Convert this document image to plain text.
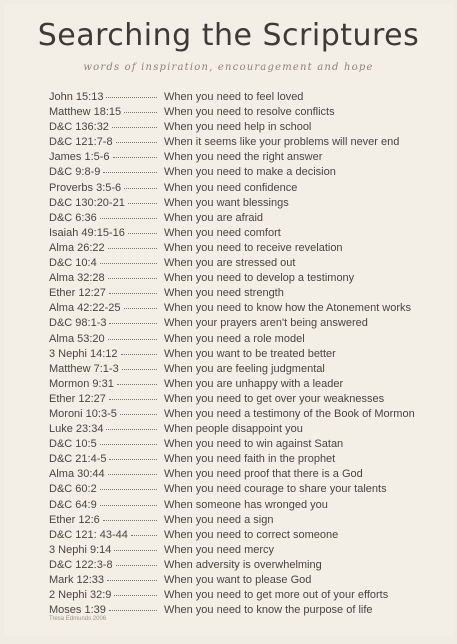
Searching the Scriptures
words of inspiration, encouragement and hope
John 15:13	When you need to feel loved
Matthew 18:15	When you need to resolve conflicts
D&C 136:32	When you need help in school
D&C 121:7-8	When it seems like your problems will never end
James 1:5-6	When you need the right answer
D&C 9:8-9	When you need to make a decision
Proverbs 3:5-6	When you need confidence
D&C 130:20-21	When you want blessings
D&C 6:36	When you are afraid
Isaiah 49:15-16	When you need comfort
Alma 26:22	When you need to receive revelation
D&C 10:4	When you are stressed out
Alma 32:28	When you need to develop a testimony
Ether 12:27	When you need strength
Alma 42:22-25	When you need to know how the Atonement works
D&C 98:1-3	When your prayers aren't being answered
Alma 53:20	When you need a role model
3 Nephi 14:12	When you want to be treated better
Matthew 7:1-3	When you are feeling judgmental
Mormon 9:31	When you are unhappy with a leader
Ether 12:27	When you need to get over your weaknesses
Moroni 10:3-5	When you need a testimony of the Book of Mormon
Luke 23:34	When people disappoint you
D&C 10:5	When you need to win against Satan
D&C 21:4-5	When you need faith in the prophet
Alma 30:44	When you need proof that there is a God
D&C 60:2	When you need courage to share your talents
D&C 64:9	When someone has wronged you
Ether 12:6	When you need a sign
D&C 121: 43-44	When you need to correct someone
3 Nephi 9:14	When you need mercy
D&C 122:3-8	When adversity is overwhelming
Mark 12:33	When you want to please God
2 Nephi 32:9	When you need to get more out of your efforts
Moses 1:39	When you need to know the purpose of life
Tresa Edmunds 2006
